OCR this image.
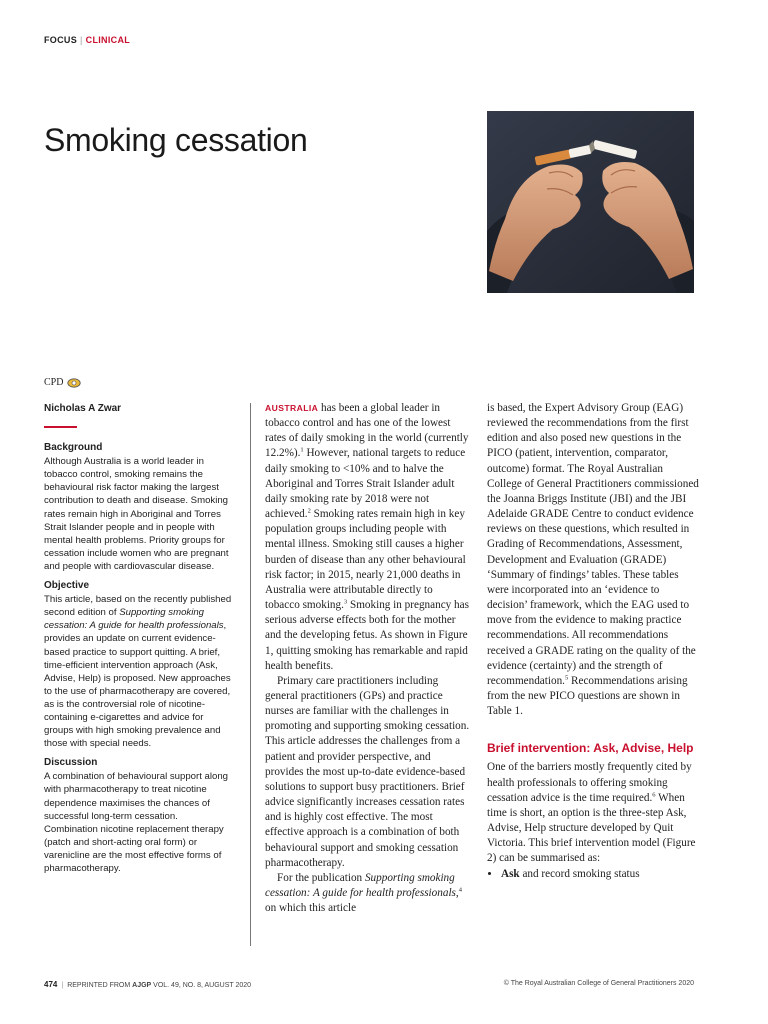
FOCUS | CLINICAL
Smoking cessation
CPD

Nicholas A Zwar

Background

Although Australia is a world leader in tobacco control, smoking remains the behavioural risk factor making the largest contribution to death and disease. Smoking rates remain high in Aboriginal and Torres Strait Islander people and in people with mental health problems. Priority groups for cessation include women who are pregnant and people with cardiovascular disease.

Objective

This article, based on the recently published second edition of Supporting smoking cessation: A guide for health professionals, provides an update on current evidence-based practice to support quitting. A brief, time-efficient intervention approach (Ask, Advise, Help) is proposed. New approaches to the use of pharmacotherapy are covered, as is the controversial role of nicotine-containing e-cigarettes and advice for groups with high smoking prevalence and those with special needs.

Discussion

A combination of behavioural support along with pharmacotherapy to treat nicotine dependence maximises the chances of successful long-term cessation. Combination nicotine replacement therapy (patch and short-acting oral form) or varenicline are the most effective forms of pharmacotherapy.

AUSTRALIA has been a global leader in tobacco control and has one of the lowest rates of daily smoking in the world (currently 12.2%).$^1$ However, national targets to reduce daily smoking to <10% and to halve the Aboriginal and Torres Strait Islander adult daily smoking rate by 2018 were not achieved.$^2$ Smoking rates remain high in key population groups including people with mental illness. Smoking still causes a higher burden of disease than any other behavioural risk factor; in 2015, nearly 21,000 deaths in Australia were attributable directly to tobacco smoking.$^3$ Smoking in pregnancy has serious adverse effects both for the mother and the developing fetus. As shown in Figure 1, quitting smoking has remarkable and rapid health benefits.

Primary care practitioners including general practitioners (GPs) and practice nurses are familiar with the challenges in promoting and supporting smoking cessation. This article addresses the challenges from a patient and provider perspective, and provides the most up-to-date evidence-based solutions to support busy practitioners. Brief advice significantly increases cessation rates and is highly cost effective. The most effective approach is a combination of both behavioural support and smoking cessation pharmacotherapy.

For the publication Supporting smoking cessation: A guide for health professionals,$^4$ on which this article

is based, the Expert Advisory Group (EAG) reviewed the recommendations from the first edition and also posed new questions in the PICO (patient, intervention, comparator, outcome) format. The Royal Australian College of General Practitioners commissioned the Joanna Briggs Institute (JBI) and the JBI Adelaide GRADE Centre to conduct evidence reviews on these questions, which resulted in Grading of Recommendations, Assessment, Development and Evaluation (GRADE) ‘Summary of findings’ tables. These tables were incorporated into an ‘evidence to decision’ framework, which the EAG used to move from the evidence to making practice recommendations. All recommendations received a GRADE rating on the quality of the evidence (certainty) and the strength of recommendation.$^5$ Recommendations arising from the new PICO questions are shown in Table 1.

Brief intervention: Ask, Advise, Help

One of the barriers mostly frequently cited by health professionals to offering smoking cessation advice is the time required.$^6$ When time is short, an option is the three-step Ask, Advise, Help structure developed by Quit Victoria. This brief intervention model (Figure 2) can be summarised as:

• Ask and record smoking status
474 | REPRINTED FROM AJGP VOL. 49, NO. 8, AUGUST 2020	© The Royal Australian College of General Practitioners 2020
